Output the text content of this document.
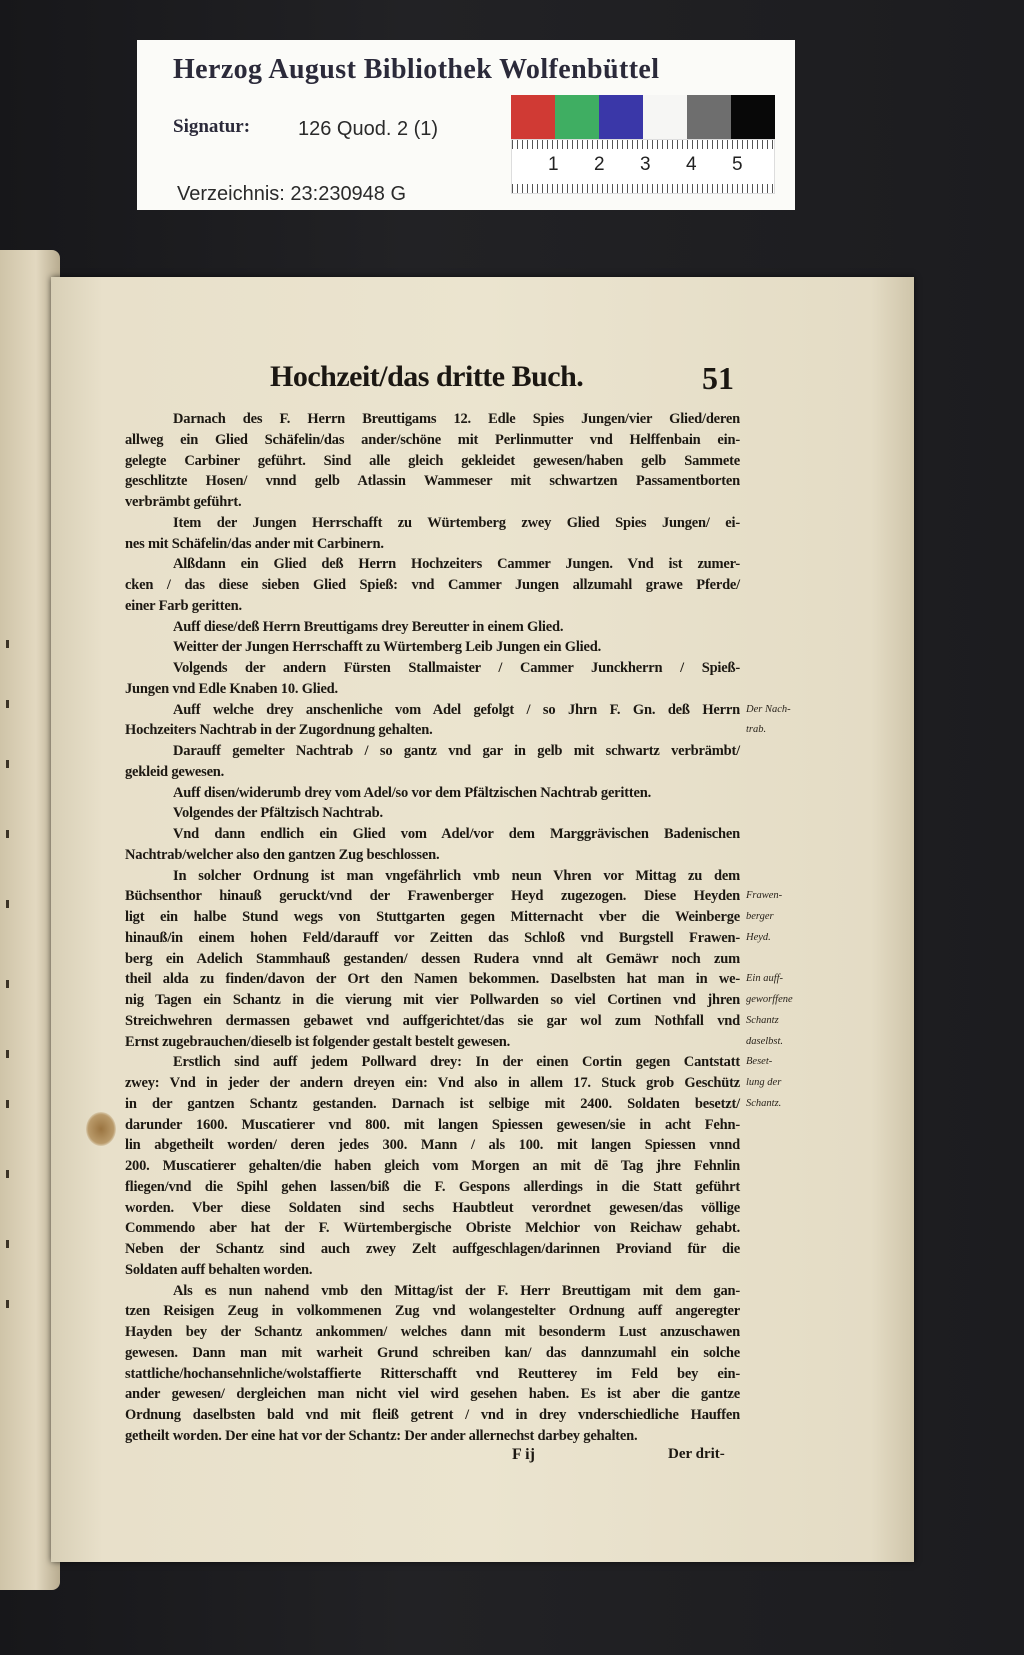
Herzog August Bibliothek Wolfenbüttel
Signatur: 126 Quod. 2 (1)
Verzeichnis: 23:230948 G
1 2 3 4 5
Hochzeit/das dritte Buch.	51
Darnach des F. Herrn Breuttigams 12. Edle Spies Jungen/vier Glied/deren
allweg ein Glied Schäfelin/das ander/schöne mit Perlinmutter vnd Helffenbain ein-
gelegte Carbiner geführt. Sind alle gleich gekleidet gewesen/haben gelb Sammete
geschlitzte Hosen/ vnnd gelb Atlassin Wammeser mit schwartzen Passamentborten
verbrämbt geführt.
Item der Jungen Herrschafft zu Würtemberg zwey Glied Spies Jungen/ ei-
nes mit Schäfelin/das ander mit Carbinern.
Alßdann ein Glied deß Herrn Hochzeiters Cammer Jungen. Vnd ist zumer-
cken / das diese sieben Glied Spieß: vnd Cammer Jungen allzumahl grawe Pferde/
einer Farb geritten.
Auff diese/deß Herrn Breuttigams drey Bereutter in einem Glied.
Weitter der Jungen Herrschafft zu Würtemberg Leib Jungen ein Glied.
Volgends der andern Fürsten Stallmaister / Cammer Junckherrn / Spieß-
Jungen vnd Edle Knaben 10. Glied.
Auff welche drey anschenliche vom Adel gefolgt / so Jhrn F. Gn. deß Herrn
Hochzeiters Nachtrab in der Zugordnung gehalten.
Darauff gemelter Nachtrab / so gantz vnd gar in gelb mit schwartz verbrämbt/
gekleid gewesen.
Auff disen/widerumb drey vom Adel/so vor dem Pfältzischen Nachtrab geritten.
Volgendes der Pfältzisch Nachtrab.
Vnd dann endlich ein Glied vom Adel/vor dem Marggrävischen Badenischen
Nachtrab/welcher also den gantzen Zug beschlossen.
In solcher Ordnung ist man vngefährlich vmb neun Vhren vor Mittag zu dem
Büchsenthor hinauß geruckt/vnd der Frawenberger Heyd zugezogen. Diese Heyden
ligt ein halbe Stund wegs von Stuttgarten gegen Mitternacht vber die Weinberge
hinauß/in einem hohen Feld/darauff vor Zeitten das Schloß vnd Burgstell Frawen-
berg ein Adelich Stammhauß gestanden/ dessen Rudera vnnd alt Gemäwr noch zum
theil alda zu finden/davon der Ort den Namen bekommen. Daselbsten hat man in we-
nig Tagen ein Schantz in die vierung mit vier Pollwarden so viel Cortinen vnd jhren
Streichwehren dermassen gebawet vnd auffgerichtet/das sie gar wol zum Nothfall vnd
Ernst zugebrauchen/dieselb ist folgender gestalt bestelt gewesen.
Erstlich sind auff jedem Pollward drey: In der einen Cortin gegen Cantstatt
zwey: Vnd in jeder der andern dreyen ein: Vnd also in allem 17. Stuck grob Geschütz
in der gantzen Schantz gestanden. Darnach ist selbige mit 2400. Soldaten besetzt/
darunder 1600. Muscatierer vnd 800. mit langen Spiessen gewesen/sie in acht Fehn-
lin abgetheilt worden/ deren jedes 300. Mann / als 100. mit langen Spiessen vnnd
200. Muscatierer gehalten/die haben gleich vom Morgen an mit dē Tag jhre Fehnlin
fliegen/vnd die Spihl gehen lassen/biß die F. Gespons allerdings in die Statt geführt
worden. Vber diese Soldaten sind sechs Haubtleut verordnet gewesen/das völlige
Commendo aber hat der F. Würtembergische Obriste Melchior von Reichaw gehabt.
Neben der Schantz sind auch zwey Zelt auffgeschlagen/darinnen Proviand für die
Soldaten auff behalten worden.
Als es nun nahend vmb den Mittag/ist der F. Herr Breuttigam mit dem gan-
tzen Reisigen Zeug in volkommenen Zug vnd wolangestelter Ordnung auff angeregter
Hayden bey der Schantz ankommen/ welches dann mit besonderm Lust anzuschawen
gewesen. Dann man mit warheit Grund schreiben kan/ das dannzumahl ein solche
stattliche/hochansehnliche/wolstaffierte Ritterschafft vnd Reutterey im Feld bey ein-
ander gewesen/ dergleichen man nicht viel wird gesehen haben. Es ist aber die gantze
Ordnung daselbsten bald vnd mit fleiß getrent / vnd in drey vnderschiedliche Hauffen
getheilt worden. Der eine hat vor der Schantz: Der ander allernechst darbey gehalten.
Der Nach-
trab.
Frawen-
berger
Heyd.
Ein auff-
geworffene
Schantz
daselbst.
Beset-
lung der
Schantz.
F ij	Der drit-
